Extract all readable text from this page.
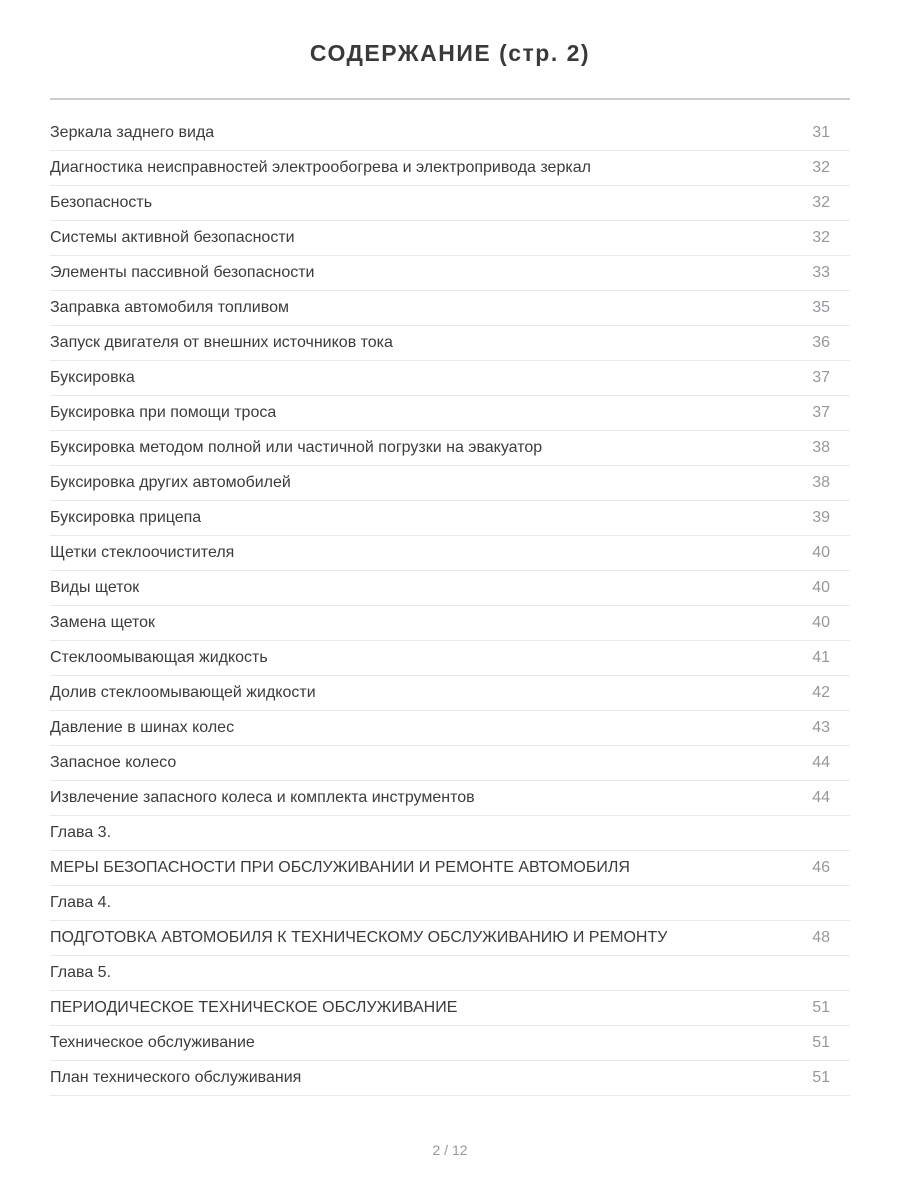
СОДЕРЖАНИЕ (стр. 2)
Зеркала заднего вида	31
Диагностика неисправностей электрообогрева и электропривода зеркал	32
Безопасность	32
Системы активной безопасности	32
Элементы пассивной безопасности	33
Заправка автомобиля топливом	35
Запуск двигателя от внешних источников тока	36
Буксировка	37
Буксировка при помощи троса	37
Буксировка методом полной или частичной погрузки на эвакуатор	38
Буксировка других автомобилей	38
Буксировка прицепа	39
Щетки стеклоочистителя	40
Виды щеток	40
Замена щеток	40
Стеклоомывающая жидкость	41
Долив стеклоомывающей жидкости	42
Давление в шинах колес	43
Запасное колесо	44
Извлечение запасного колеса и комплекта инструментов	44
Глава 3.
МЕРЫ БЕЗОПАСНОСТИ ПРИ ОБСЛУЖИВАНИИ И РЕМОНТЕ АВТОМОБИЛЯ	46
Глава 4.
ПОДГОТОВКА АВТОМОБИЛЯ К ТЕХНИЧЕСКОМУ ОБСЛУЖИВАНИЮ И РЕМОНТУ	48
Глава 5.
ПЕРИОДИЧЕСКОЕ ТЕХНИЧЕСКОЕ ОБСЛУЖИВАНИЕ	51
Техническое обслуживание	51
План технического обслуживания	51
2 / 12
